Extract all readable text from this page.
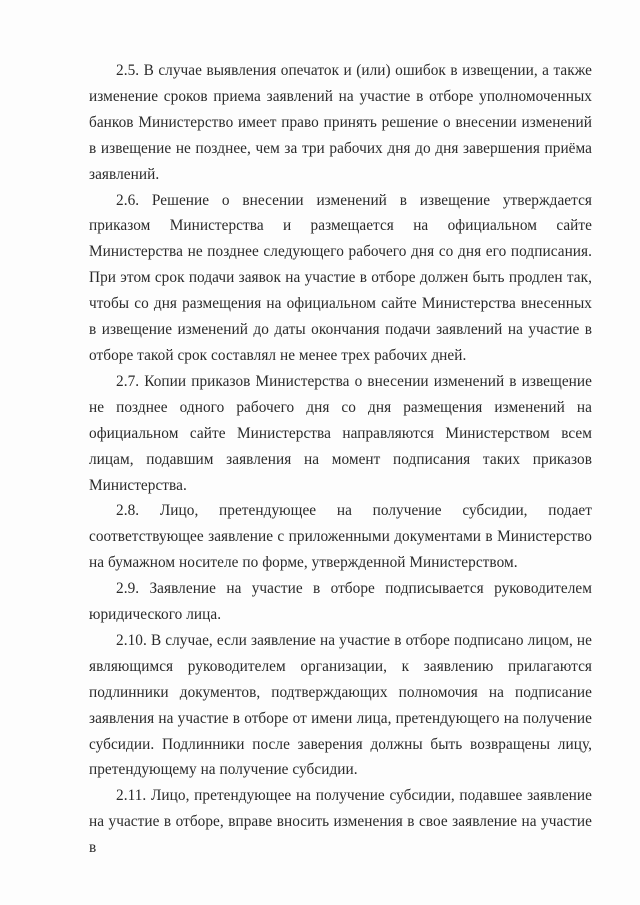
2.5. В случае выявления опечаток и (или) ошибок в извещении, а также изменение сроков приема заявлений на участие в отборе уполномоченных банков Министерство имеет право принять решение о внесении изменений в извещение не позднее, чем за три рабочих дня до дня завершения приёма заявлений.

2.6. Решение о внесении изменений в извещение утверждается приказом Министерства и размещается на официальном сайте Министерства не позднее следующего рабочего дня со дня его подписания. При этом срок подачи заявок на участие в отборе должен быть продлен так, чтобы со дня размещения на официальном сайте Министерства внесенных в извещение изменений до даты окончания подачи заявлений на участие в отборе такой срок составлял не менее трех рабочих дней.

2.7. Копии приказов Министерства о внесении изменений в извещение не позднее одного рабочего дня со дня размещения изменений на официальном сайте Министерства направляются Министерством всем лицам, подавшим заявления на момент подписания таких приказов Министерства.

2.8. Лицо, претендующее на получение субсидии, подает соответствующее заявление с приложенными документами в Министерство на бумажном носителе по форме, утвержденной Министерством.

2.9. Заявление на участие в отборе подписывается руководителем юридического лица.

2.10. В случае, если заявление на участие в отборе подписано лицом, не являющимся руководителем организации, к заявлению прилагаются подлинники документов, подтверждающих полномочия на подписание заявления на участие в отборе от имени лица, претендующего на получение субсидии. Подлинники после заверения должны быть возвращены лицу, претендующему на получение субсидии.

2.11. Лицо, претендующее на получение субсидии, подавшее заявление на участие в отборе, вправе вносить изменения в свое заявление на участие в
